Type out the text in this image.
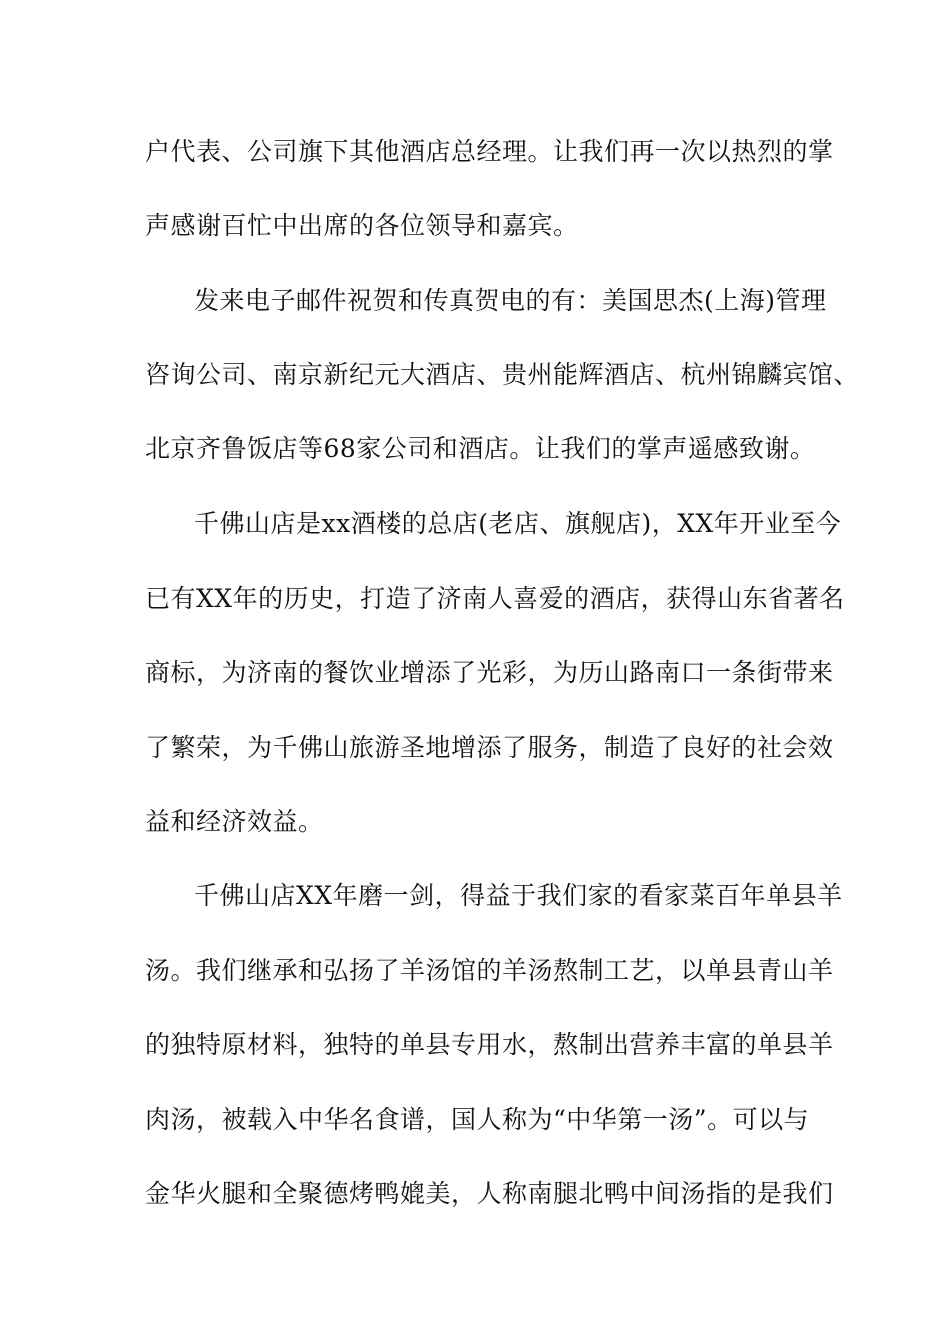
户代表、公司旗下其他酒店总经理。让我们再一次以热烈的掌
声感谢百忙中出席的各位领导和嘉宾。
发来电子邮件祝贺和传真贺电的有：美国思杰(上海)管理
咨询公司、南京新纪元大酒店、贵州能辉酒店、杭州锦麟宾馆、
北京齐鲁饭店等68家公司和酒店。让我们的掌声遥感致谢。
千佛山店是xx酒楼的总店(老店、旗舰店)，XX年开业至今
已有XX年的历史，打造了济南人喜爱的酒店，获得山东省著名
商标，为济南的餐饮业增添了光彩，为历山路南口一条街带来
了繁荣，为千佛山旅游圣地增添了服务，制造了良好的社会效
益和经济效益。
千佛山店XX年磨一剑，得益于我们家的看家菜百年单县羊
汤。我们继承和弘扬了羊汤馆的羊汤熬制工艺，以单县青山羊
的独特原材料，独特的单县专用水，熬制出营养丰富的单县羊
肉汤，被载入中华名食谱，国人称为“中华第一汤”。可以与
金华火腿和全聚德烤鸭媲美，人称南腿北鸭中间汤指的是我们
